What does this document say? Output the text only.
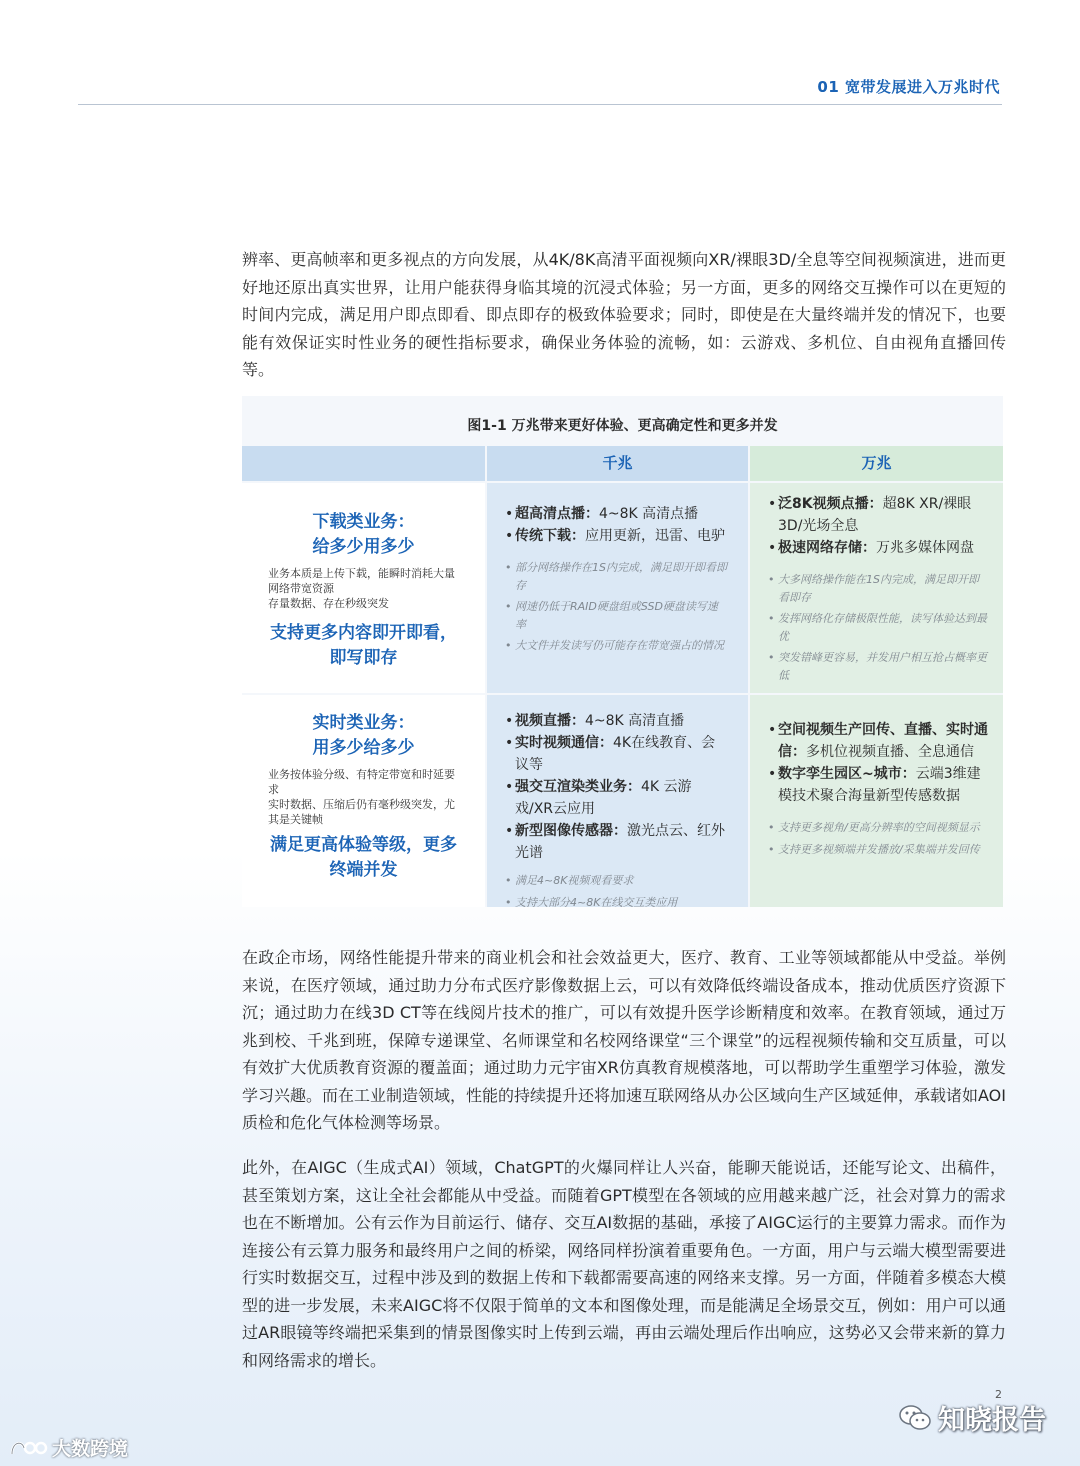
01 宽带发展进入万兆时代

辨率、更高帧率和更多视点的方向发展，从4K/8K高清平面视频向XR/裸眼3D/全息等空间视频演进，进而更好地还原出真实世界，让用户能获得身临其境的沉浸式体验；另一方面，更多的网络交互操作可以在更短的时间内完成，满足用户即点即看、即点即存的极致体验要求；同时，即使是在大量终端并发的情况下，也要能有效保证实时性业务的硬性指标要求，确保业务体验的流畅，如：云游戏、多机位、自由视角直播回传等。

图1-1 万兆带来更好体验、更高确定性和更多并发
千兆	万兆
下载类业务：
给多少用多少
业务本质是上传下载，能瞬时消耗大量网络带宽资源
存量数据、存在秒级突发
支持更多内容即开即看，
即写即存
• 超高清点播：4~8K 高清点播
• 传统下载：应用更新，迅雷、电驴
• 部分网络操作在1S内完成，满足即开即看即存
• 网速仍低于RAID硬盘组或SSD硬盘读写速率
• 大文件并发读写仍可能存在带宽强占的情况
• 泛8K视频点播：超8K XR/裸眼3D/光场全息
• 极速网络存储：万兆多媒体网盘
• 大多网络操作能在1S内完成，满足即开即看即存
• 发挥网络化存储极限性能，读写体验达到最优
• 突发错峰更容易，并发用户相互抢占概率更低
实时类业务：
用多少给多少
业务按体验分级、有特定带宽和时延要求
实时数据、压缩后仍有毫秒级突发，尤其是关键帧
满足更高体验等级，更多
终端并发
• 视频直播：4~8K 高清直播
• 实时视频通信：4K在线教育、会议等
• 强交互渲染类业务：4K 云游戏/XR云应用
• 新型图像传感器：激光点云、红外光谱
• 满足4~8K视频观看要求
• 支持大部分4~8K在线交互类应用
• 空间视频生产回传、直播、实时通信：多机位视频直播、全息通信
• 数字孪生园区~城市：云端3维建模技术聚合海量新型传感数据
• 支持更多视角/更高分辨率的空间视频显示
• 支持更多视频端并发播放/采集端并发回传

在政企市场，网络性能提升带来的商业机会和社会效益更大，医疗、教育、工业等领域都能从中受益。举例来说，在医疗领域，通过助力分布式医疗影像数据上云，可以有效降低终端设备成本，推动优质医疗资源下沉；通过助力在线3D CT等在线阅片技术的推广，可以有效提升医学诊断精度和效率。在教育领域，通过万兆到校、千兆到班，保障专递课堂、名师课堂和名校网络课堂“三个课堂”的远程视频传输和交互质量，可以有效扩大优质教育资源的覆盖面；通过助力元宇宙XR仿真教育规模落地，可以帮助学生重塑学习体验，激发学习兴趣。而在工业制造领域，性能的持续提升还将加速互联网络从办公区域向生产区域延伸，承载诸如AOI质检和危化气体检测等场景。

此外，在AIGC（生成式AI）领域，ChatGPT的火爆同样让人兴奋，能聊天能说话，还能写论文、出稿件，甚至策划方案，这让全社会都能从中受益。而随着GPT模型在各领域的应用越来越广泛，社会对算力的需求也在不断增加。公有云作为目前运行、储存、交互AI数据的基础，承接了AIGC运行的主要算力需求。而作为连接公有云算力服务和最终用户之间的桥梁，网络同样扮演着重要角色。一方面，用户与云端大模型需要进行实时数据交互，过程中涉及到的数据上传和下载都需要高速的网络来支撑。另一方面，伴随着多模态大模型的进一步发展，未来AIGC将不仅限于简单的文本和图像处理，而是能满足全场景交互，例如：用户可以通过AR眼镜等终端把采集到的情景图像实时上传到云端，再由云端处理后作出响应，这势必又会带来新的算力和网络需求的增长。

2
知晓报告
大数跨境
